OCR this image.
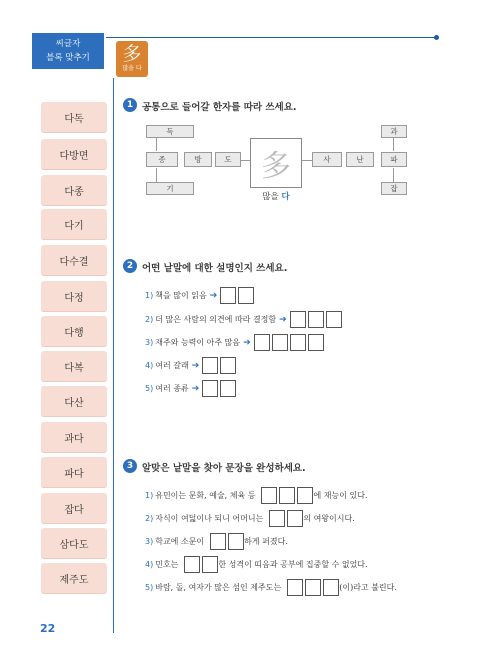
씨글자
블록 맞추기	多
많을 다
다독
다방면
다종
다기
다수결
다정
다행
다복
다산
과다
파다
잡다
삼다도
제주도
1 공통으로 들어갈 한자를 따라 쓰세요.
독
종	방	도
기
多
많을 다
과
사	난	파
잡
2 어떤 낱말에 대한 설명인지 쓰세요.
1) 책을 많이 읽음 ➔
2) 더 많은 사람의 의견에 따라 결정함 ➔
3) 재주와 능력이 아주 많음 ➔
4) 여러 갈래 ➔
5) 여러 종류 ➔
3 알맞은 낱말을 찾아 문장을 완성하세요.
1) 유민이는 문화, 예술, 체육 등	에 재능이 있다.
2) 자식이 여덟이나 되니 어머니는	의 여왕이시다.
3) 학교에 소문이	하게 퍼졌다.
4) 민호는	한 성격이 띠음과 공부에 집중할 수 없었다.
5) 바람, 돌, 여자가 많은 섬인 제주도는	(이)라고 불린다.
22
